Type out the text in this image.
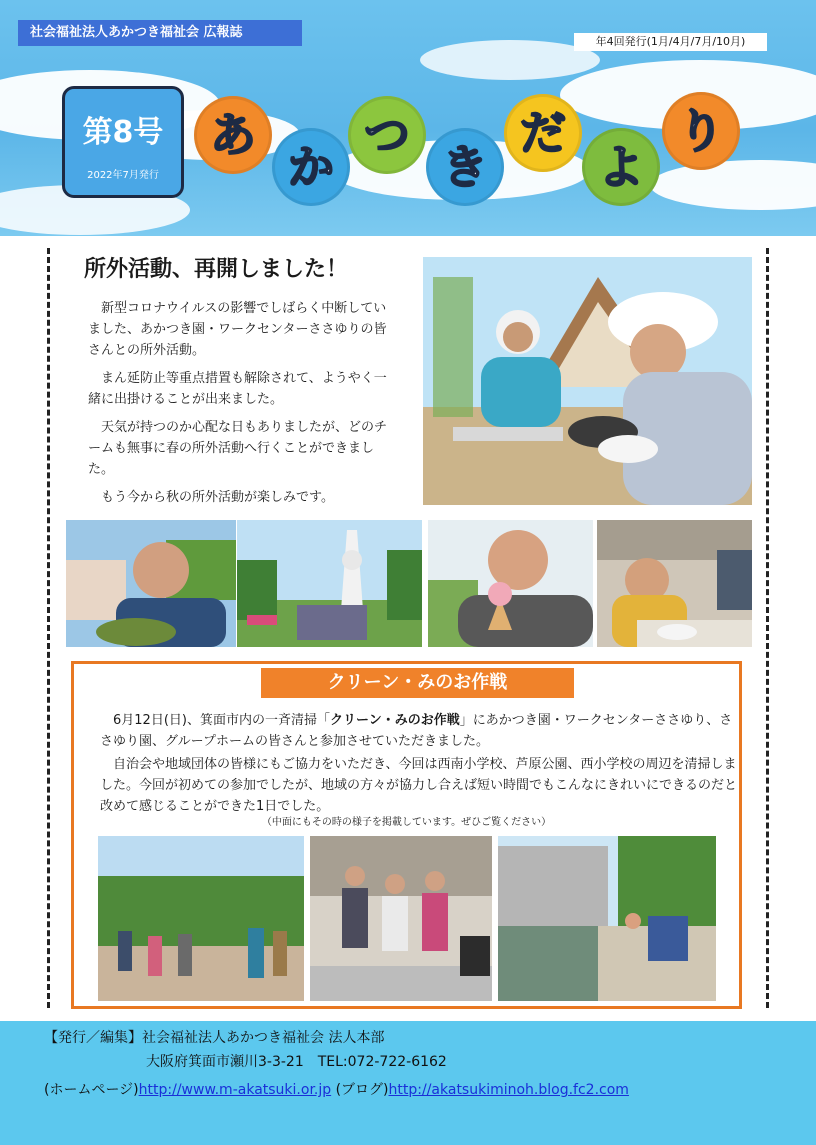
社会福祉法人あかつき福祉会 広報誌
年4回発行(1月/4月/7月/10月)
第8号
2022年7月発行
あ
か
つ
き
だ
よ
り
所外活動、再開しました！

新型コロナウイルスの影響でしばらく中断していました、あかつき園・ワークセンターささゆりの皆さんとの所外活動。

まん延防止等重点措置も解除されて、ようやく一緒に出掛けることが出来ました。

天気が持つのか心配な日もありましたが、どのチームも無事に春の所外活動へ行くことができました。

もう今から秋の所外活動が楽しみです。

クリーン・みのお作戦

6月12日(日)、箕面市内の一斉清掃「クリーン・みのお作戦」にあかつき園・ワークセンターささゆり、ささゆり園、グループホームの皆さんと参加させていただきました。

自治会や地域団体の皆様にもご協力をいただき、今回は西南小学校、芦原公園、西小学校の周辺を清掃しました。今回が初めての参加でしたが、地域の方々が協力し合えば短い時間でもこんなにきれいにできるのだと改めて感じることができた1日でした。

（中面にもその時の様子を掲載しています。ぜひご覧ください）
【発行／編集】社会福祉法人あかつき福祉会 法人本部
大阪府箕面市瀬川3-3-21　TEL:072-722-6162
(ホームページ)http://www.m-akatsuki.or.jp (ブログ)http://akatsukiminoh.blog.fc2.com
